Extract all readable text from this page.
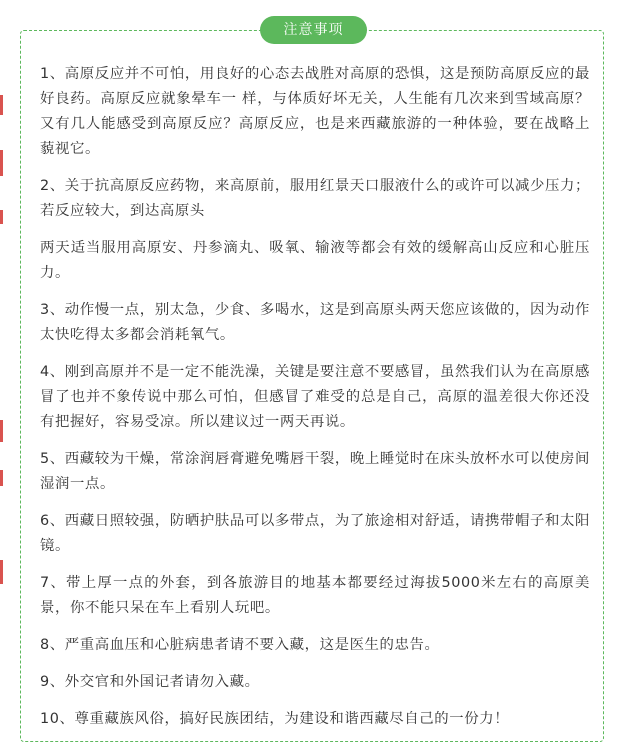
注意事项

1、高原反应并不可怕，用良好的心态去战胜对高原的恐惧，这是预防高原反应的最好良药。高原反应就象晕车一 样，与体质好坏无关，人生能有几次来到雪域高原？又有几人能感受到高原反应？高原反应，也是来西藏旅游的一种体验，要在战略上藐视它。

2、关于抗高原反应药物，来高原前，服用红景天口服液什么的或许可以减少压力；若反应较大，到达高原头

两天适当服用高原安、丹参滴丸、吸氧、输液等都会有效的缓解高山反应和心脏压力。

3、动作慢一点，别太急，少食、多喝水，这是到高原头两天您应该做的，因为动作太快吃得太多都会消耗氧气。

4、刚到高原并不是一定不能洗澡，关键是要注意不要感冒，虽然我们认为在高原感冒了也并不象传说中那么可怕，但感冒了难受的总是自己，高原的温差很大你还没有把握好，容易受凉。所以建议过一两天再说。

5、西藏较为干燥，常涂润唇膏避免嘴唇干裂，晚上睡觉时在床头放杯水可以使房间湿润一点。

6、西藏日照较强，防晒护肤品可以多带点，为了旅途相对舒适，请携带帽子和太阳镜。

7、带上厚一点的外套，到各旅游目的地基本都要经过海拔5000米左右的高原美景，你不能只呆在车上看别人玩吧。

8、严重高血压和心脏病患者请不要入藏，这是医生的忠告。

9、外交官和外国记者请勿入藏。

10、尊重藏族风俗，搞好民族团结，为建设和谐西藏尽自己的一份力！
